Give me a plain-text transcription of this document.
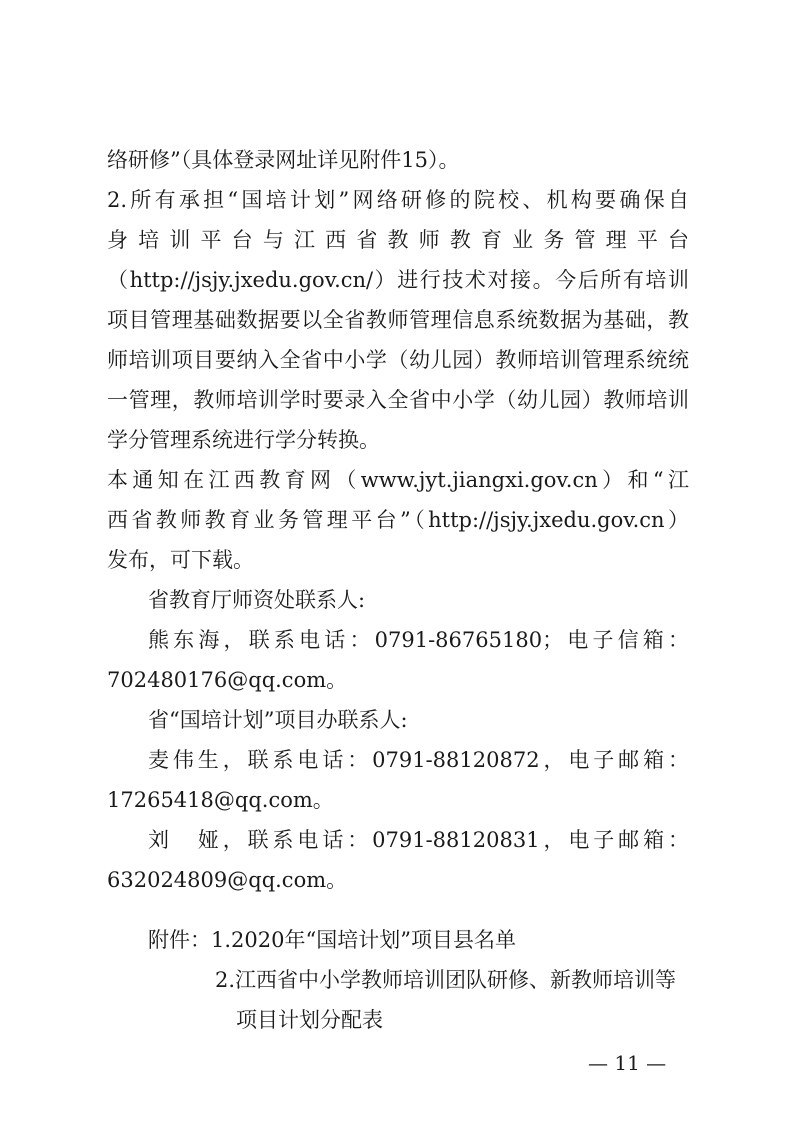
络研修”（具体登录网址详见附件15）。
2.所有承担“国培计划”网络研修的院校、机构要确保自
身培训平台与江西省教师教育业务管理平台
（http://jsjy.jxedu.gov.cn/）进行技术对接。今后所有培训
项目管理基础数据要以全省教师管理信息系统数据为基础，教
师培训项目要纳入全省中小学（幼儿园）教师培训管理系统统
一管理，教师培训学时要录入全省中小学（幼儿园）教师培训
学分管理系统进行学分转换。
本通知在江西教育网（www.jyt.jiangxi.gov.cn）和“江
西省教师教育业务管理平台”（http://jsjy.jxedu.gov.cn）
发布，可下载。
省教育厅师资处联系人:
熊东海，联系电话：0791-86765180；电子信箱：
702480176@qq.com。
省“国培计划”项目办联系人:
麦伟生，联系电话：0791-88120872，电子邮箱：
17265418@qq.com。
刘　娅，联系电话：0791-88120831，电子邮箱：
632024809@qq.com。
附件：1.2020年“国培计划”项目县名单
2.江西省中小学教师培训团队研修、新教师培训等
项目计划分配表
— 11 —
